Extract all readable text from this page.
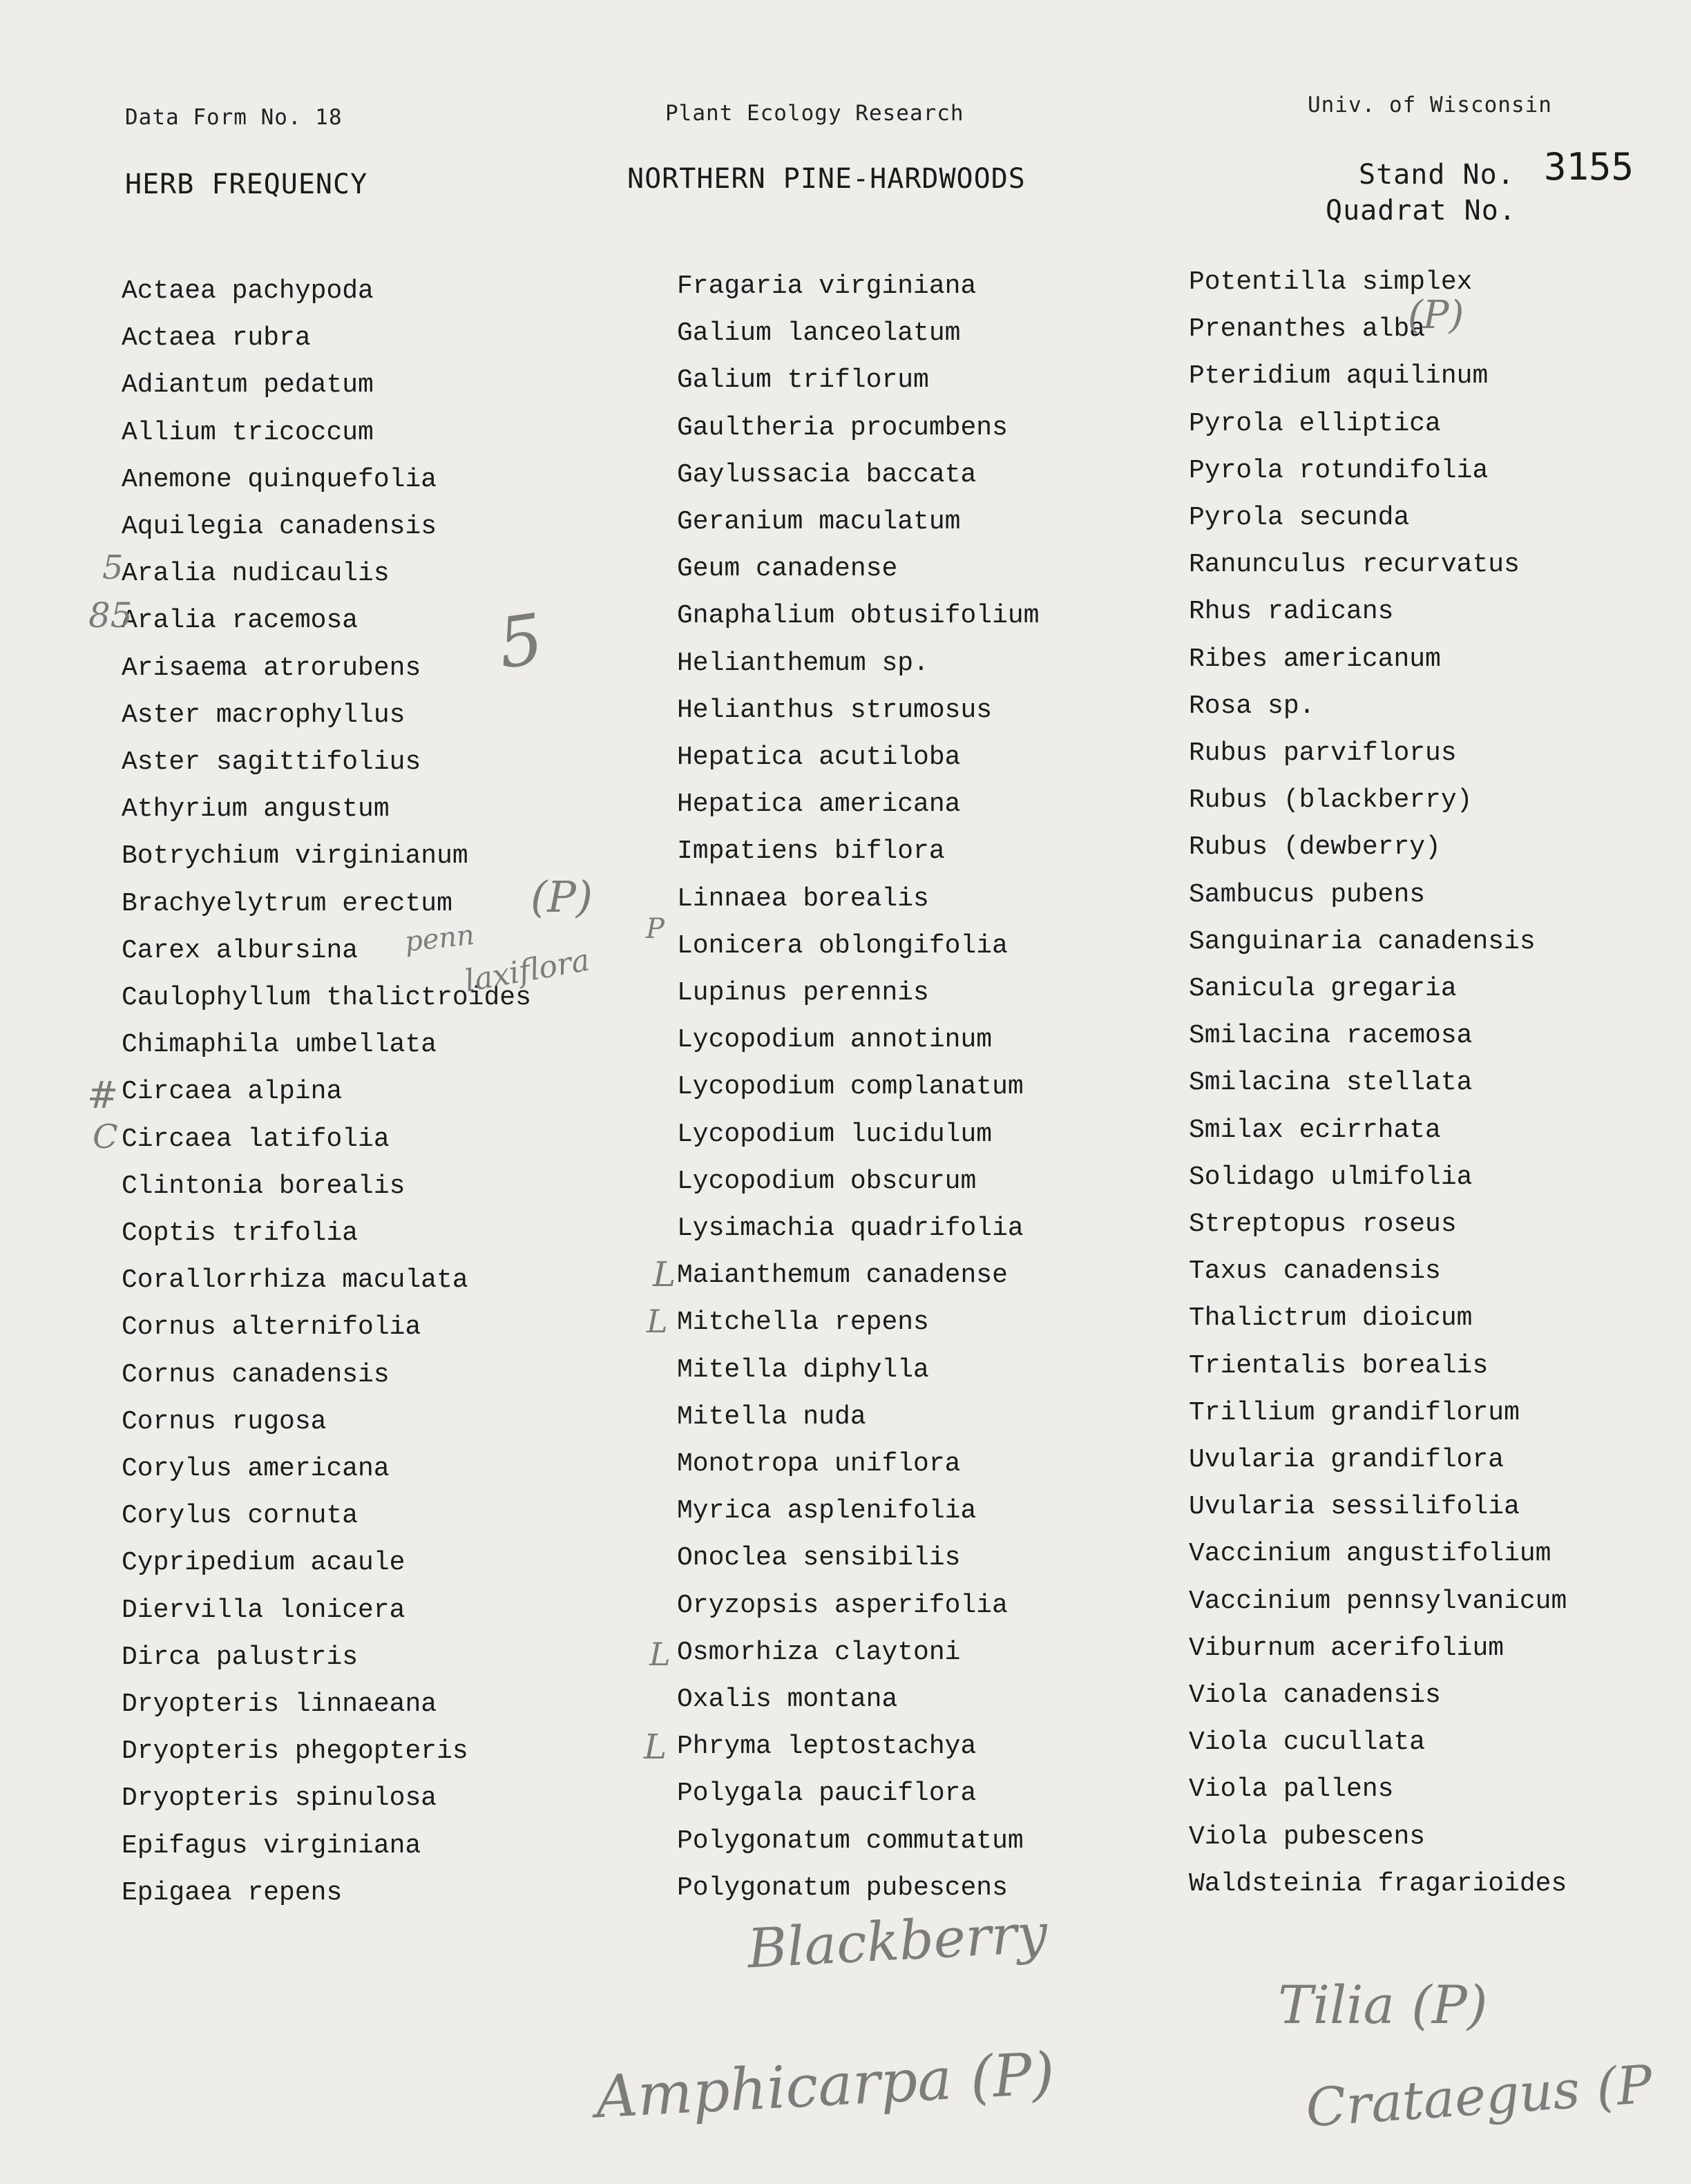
Data Form No. 18	Plant Ecology Research	Univ. of Wisconsin
HERB FREQUENCY	NORTHERN PINE-HARDWOODS	Stand No. 3155
Quadrat No.
Actaea pachypoda
Actaea rubra
Adiantum pedatum
Allium tricoccum
Anemone quinquefolia
Aquilegia canadensis
Aralia nudicaulis
Aralia racemosa
Arisaema atrorubens
Aster macrophyllus
Aster sagittifolius
Athyrium angustum
Botrychium virginianum
Brachyelytrum erectum
Carex albursina
Caulophyllum thalictroides
Chimaphila umbellata
Circaea alpina
Circaea latifolia
Clintonia borealis
Coptis trifolia
Corallorrhiza maculata
Cornus alternifolia
Cornus canadensis
Cornus rugosa
Corylus americana
Corylus cornuta
Cypripedium acaule
Diervilla lonicera
Dirca palustris
Dryopteris linnaeana
Dryopteris phegopteris
Dryopteris spinulosa
Epifagus virginiana
Epigaea repens
Fragaria virginiana
Galium lanceolatum
Galium triflorum
Gaultheria procumbens
Gaylussacia baccata
Geranium maculatum
Geum canadense
Gnaphalium obtusifolium
Helianthemum sp.
Helianthus strumosus
Hepatica acutiloba
Hepatica americana
Impatiens biflora
Linnaea borealis
Lonicera oblongifolia
Lupinus perennis
Lycopodium annotinum
Lycopodium complanatum
Lycopodium lucidulum
Lycopodium obscurum
Lysimachia quadrifolia
Maianthemum canadense
Mitchella repens
Mitella diphylla
Mitella nuda
Monotropa uniflora
Myrica asplenifolia
Onoclea sensibilis
Oryzopsis asperifolia
Osmorhiza claytoni
Oxalis montana
Phryma leptostachya
Polygala pauciflora
Polygonatum commutatum
Polygonatum pubescens
Potentilla simplex
Prenanthes alba
Pteridium aquilinum
Pyrola elliptica
Pyrola rotundifolia
Pyrola secunda
Ranunculus recurvatus
Rhus radicans
Ribes americanum
Rosa sp.
Rubus parviflorus
Rubus (blackberry)
Rubus (dewberry)
Sambucus pubens
Sanguinaria canadensis
Sanicula gregaria
Smilacina racemosa
Smilacina stellata
Smilax ecirrhata
Solidago ulmifolia
Streptopus roseus
Taxus canadensis
Thalictrum dioicum
Trientalis borealis
Trillium grandiflorum
Uvularia grandiflora
Uvularia sessilifolia
Vaccinium angustifolium
Vaccinium pennsylvanicum
Viburnum acerifolium
Viola canadensis
Viola cucullata
Viola pallens
Viola pubescens
Waldsteinia fragarioides
(P)
5
(P)
penn
laxiflora
P
5
85
#
C
L
L
L
L
Blackberry
Amphicarpa (P)
Tilia (P)
Crataegus (P
